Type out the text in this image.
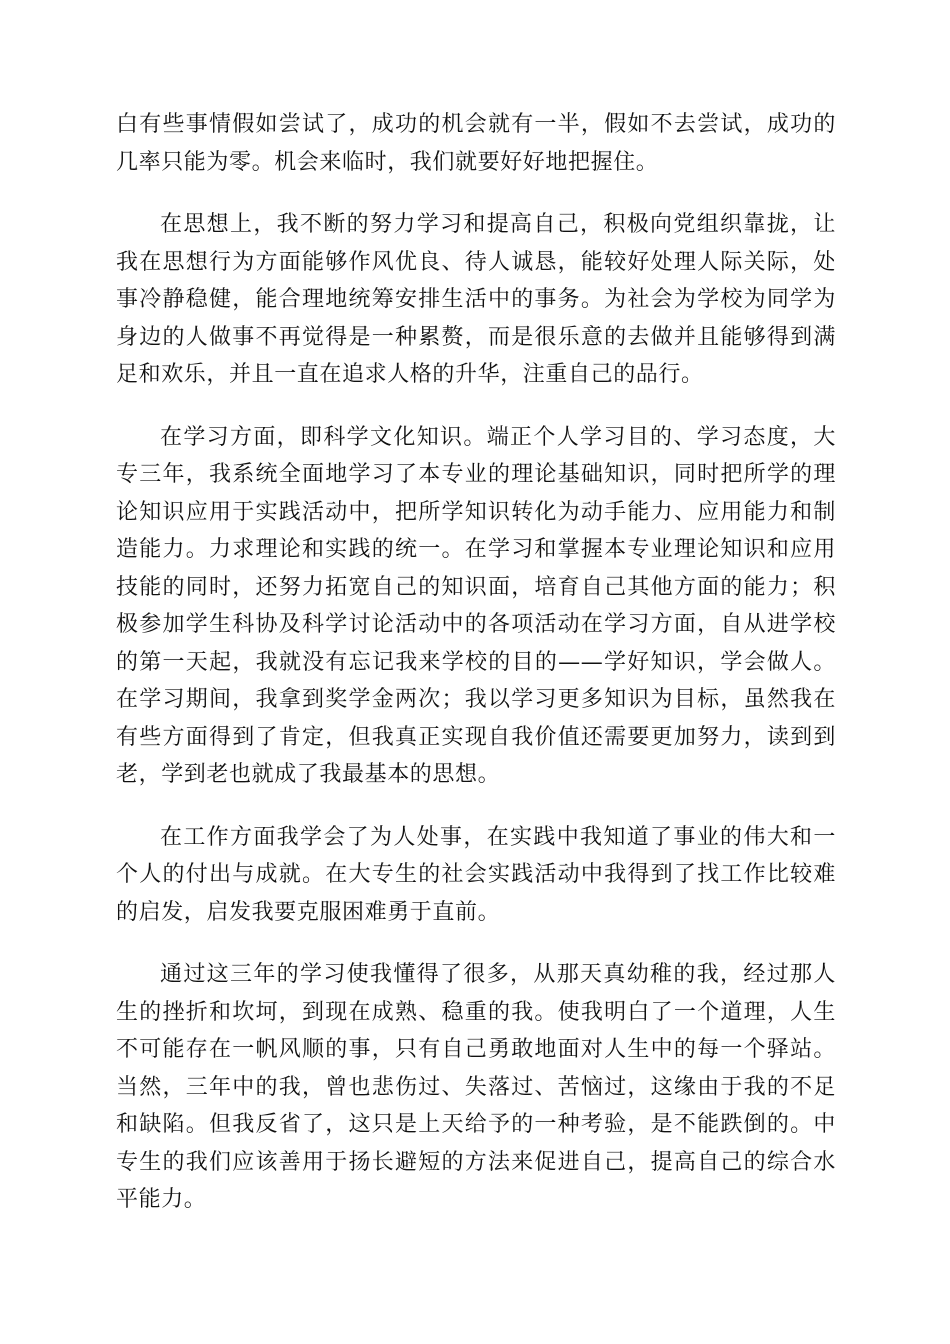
白有些事情假如尝试了，成功的机会就有一半，假如不去尝试，成功的几率只能为零。机会来临时，我们就要好好地把握住。

在思想上，我不断的努力学习和提高自己，积极向党组织靠拢，让我在思想行为方面能够作风优良、待人诚恳，能较好处理人际关际，处事冷静稳健，能合理地统筹安排生活中的事务。为社会为学校为同学为身边的人做事不再觉得是一种累赘，而是很乐意的去做并且能够得到满足和欢乐，并且一直在追求人格的升华，注重自己的品行。

在学习方面，即科学文化知识。端正个人学习目的、学习态度，大专三年，我系统全面地学习了本专业的理论基础知识，同时把所学的理论知识应用于实践活动中，把所学知识转化为动手能力、应用能力和制造能力。力求理论和实践的统一。在学习和掌握本专业理论知识和应用技能的同时，还努力拓宽自己的知识面，培育自己其他方面的能力；积极参加学生科协及科学讨论活动中的各项活动在学习方面，自从进学校的第一天起，我就没有忘记我来学校的目的——学好知识，学会做人。在学习期间，我拿到奖学金两次；我以学习更多知识为目标，虽然我在有些方面得到了肯定，但我真正实现自我价值还需要更加努力，读到到老，学到老也就成了我最基本的思想。

在工作方面我学会了为人处事，在实践中我知道了事业的伟大和一个人的付出与成就。在大专生的社会实践活动中我得到了找工作比较难的启发，启发我要克服困难勇于直前。

通过这三年的学习使我懂得了很多，从那天真幼稚的我，经过那人生的挫折和坎坷，到现在成熟、稳重的我。使我明白了一个道理，人生不可能存在一帆风顺的事，只有自己勇敢地面对人生中的每一个驿站。当然，三年中的我，曾也悲伤过、失落过、苦恼过，这缘由于我的不足和缺陷。但我反省了，这只是上天给予的一种考验，是不能跌倒的。中专生的我们应该善用于扬长避短的方法来促进自己，提高自己的综合水平能力。
